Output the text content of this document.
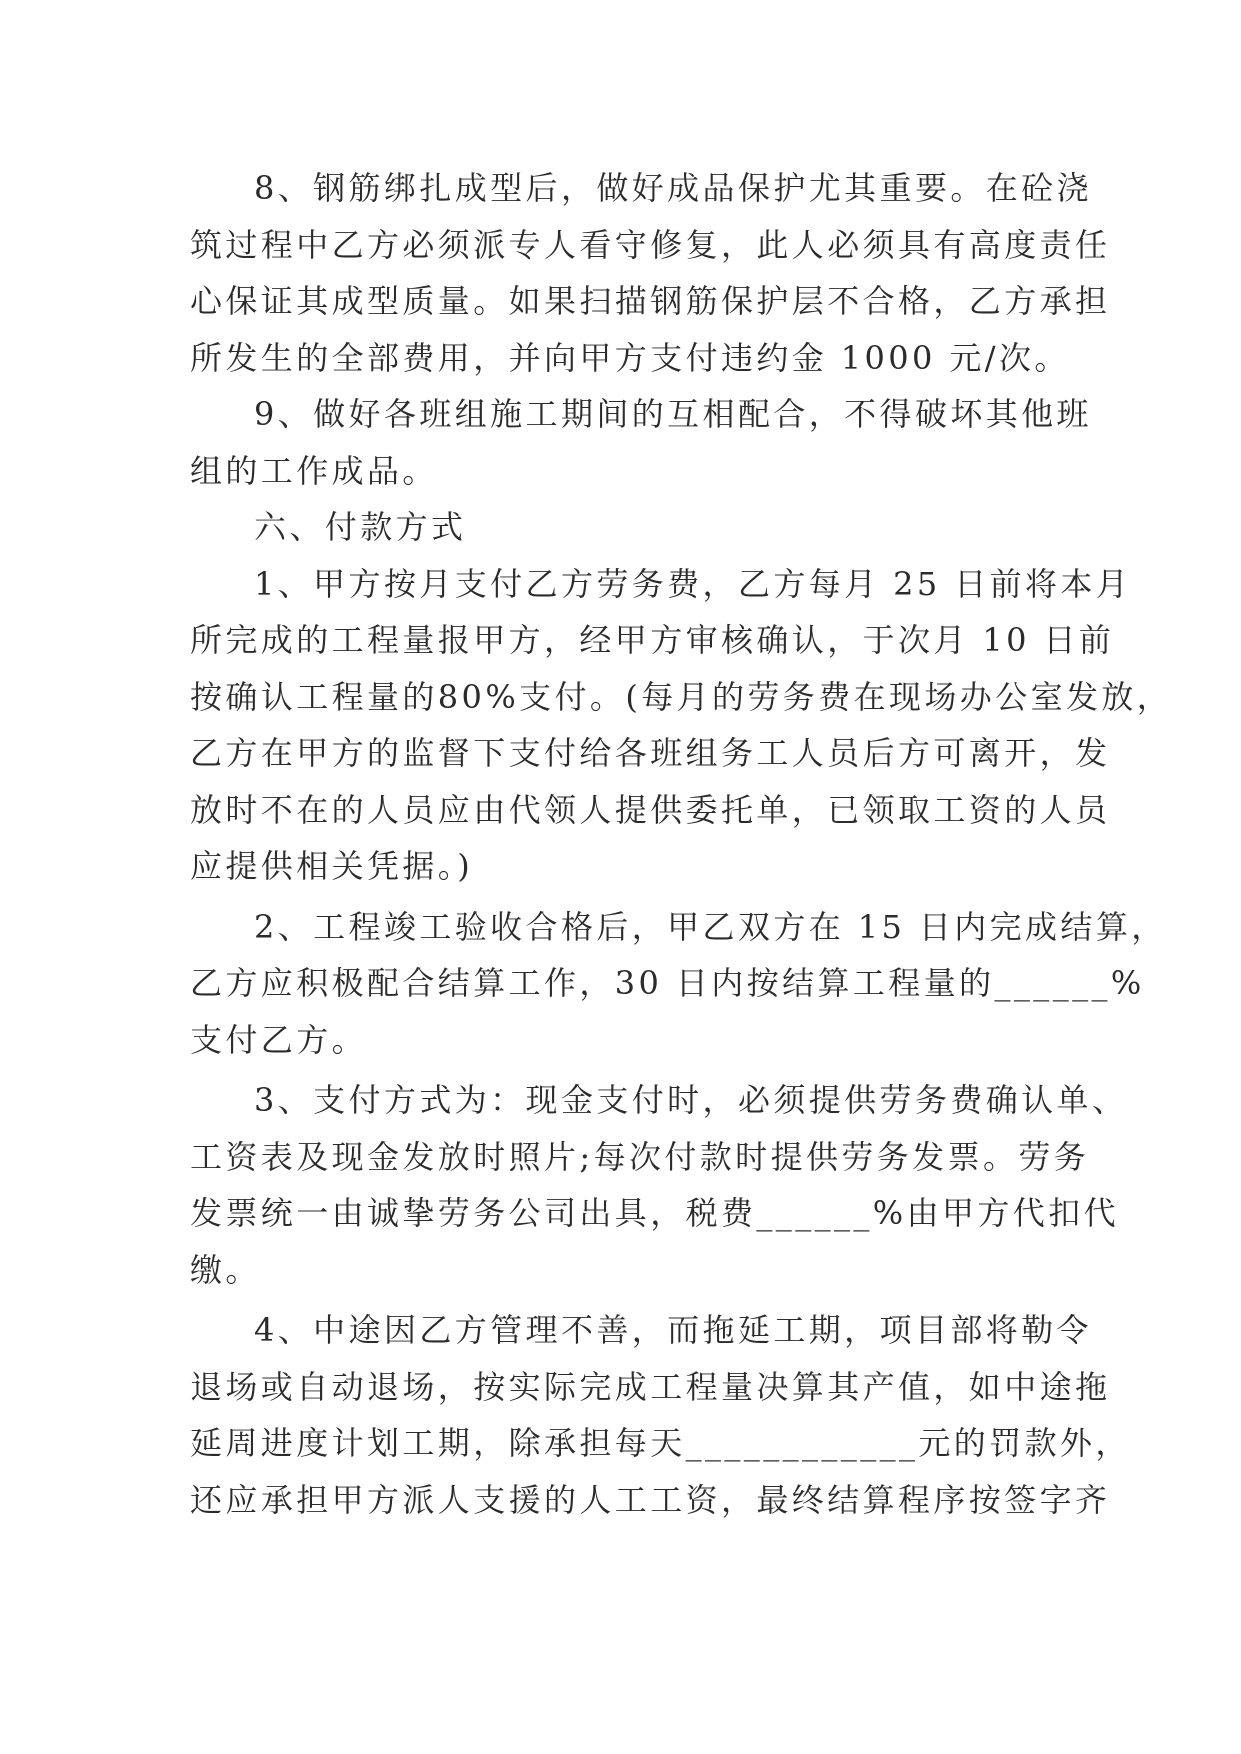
8、钢筋绑扎成型后，做好成品保护尤其重要。在砼浇
筑过程中乙方必须派专人看守修复，此人必须具有高度责任
心保证其成型质量。如果扫描钢筋保护层不合格，乙方承担
所发生的全部费用，并向甲方支付违约金 1000 元/次。
9、做好各班组施工期间的互相配合，不得破坏其他班
组的工作成品。
六、付款方式
1、甲方按月支付乙方劳务费，乙方每月 25 日前将本月
所完成的工程量报甲方，经甲方审核确认，于次月 10 日前
按确认工程量的80%支付。(每月的劳务费在现场办公室发放，
乙方在甲方的监督下支付给各班组务工人员后方可离开，发
放时不在的人员应由代领人提供委托单，已领取工资的人员
应提供相关凭据。)
2、工程竣工验收合格后，甲乙双方在 15 日内完成结算，
乙方应积极配合结算工作，30 日内按结算工程量的______%
支付乙方。
3、支付方式为：现金支付时，必须提供劳务费确认单、
工资表及现金发放时照片;每次付款时提供劳务发票。劳务
发票统一由诚挚劳务公司出具，税费______%由甲方代扣代
缴。
4、中途因乙方管理不善，而拖延工期，项目部将勒令
退场或自动退场，按实际完成工程量决算其产值，如中途拖
延周进度计划工期，除承担每天____________元的罚款外，
还应承担甲方派人支援的人工工资，最终结算程序按签字齐
